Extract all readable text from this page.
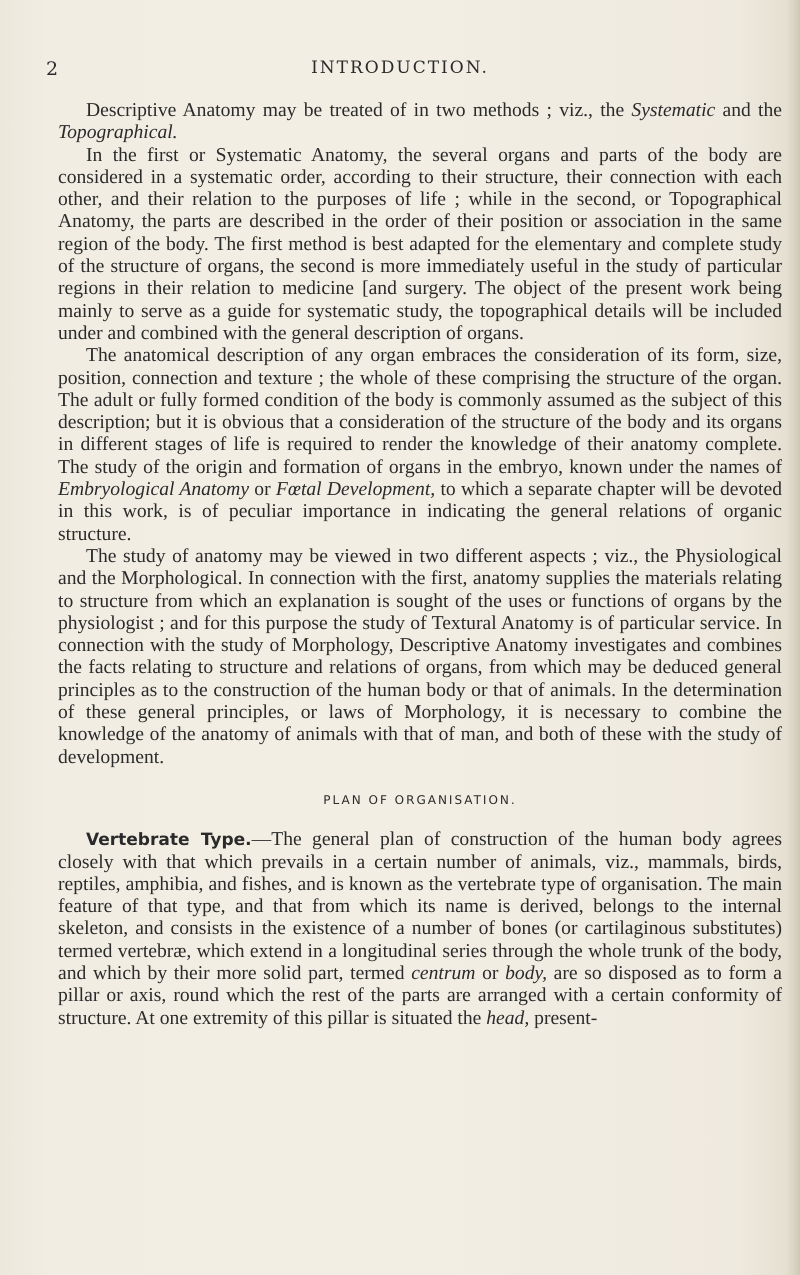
2	INTRODUCTION.

Descriptive Anatomy may be treated of in two methods ; viz., the Systematic and the Topographical.

In the first or Systematic Anatomy, the several organs and parts of the body are considered in a systematic order, according to their structure, their connection with each other, and their relation to the purposes of life ; while in the second, or Topographical Anatomy, the parts are described in the order of their position or association in the same region of the body. The first method is best adapted for the elementary and complete study of the structure of organs, the second is more immediately useful in the study of particular regions in their relation to medicine [and surgery. The object of the present work being mainly to serve as a guide for systematic study, the topographical details will be included under and combined with the general description of organs.

The anatomical description of any organ embraces the consideration of its form, size, position, connection and texture ; the whole of these comprising the structure of the organ. The adult or fully formed condition of the body is commonly assumed as the subject of this description; but it is obvious that a consideration of the structure of the body and its organs in different stages of life is required to render the knowledge of their anatomy complete. The study of the origin and formation of organs in the embryo, known under the names of Embryological Anatomy or Fœtal Development, to which a separate chapter will be devoted in this work, is of peculiar importance in indicating the general relations of organic structure.

The study of anatomy may be viewed in two different aspects ; viz., the Physiological and the Morphological. In connection with the first, anatomy supplies the materials relating to structure from which an explanation is sought of the uses or functions of organs by the physiologist ; and for this purpose the study of Textural Anatomy is of particular service. In connection with the study of Morphology, Descriptive Anatomy investigates and combines the facts relating to structure and relations of organs, from which may be deduced general principles as to the construction of the human body or that of animals. In the determination of these general principles, or laws of Morphology, it is necessary to combine the knowledge of the anatomy of animals with that of man, and both of these with the study of development.

PLAN OF ORGANISATION.

Vertebrate Type.—The general plan of construction of the human body agrees closely with that which prevails in a certain number of animals, viz., mammals, birds, reptiles, amphibia, and fishes, and is known as the vertebrate type of organisation. The main feature of that type, and that from which its name is derived, belongs to the internal skeleton, and consists in the existence of a number of bones (or cartilaginous substitutes) termed vertebræ, which extend in a longitudinal series through the whole trunk of the body, and which by their more solid part, termed centrum or body, are so disposed as to form a pillar or axis, round which the rest of the parts are arranged with a certain conformity of structure. At one extremity of this pillar is situated the head, present-
